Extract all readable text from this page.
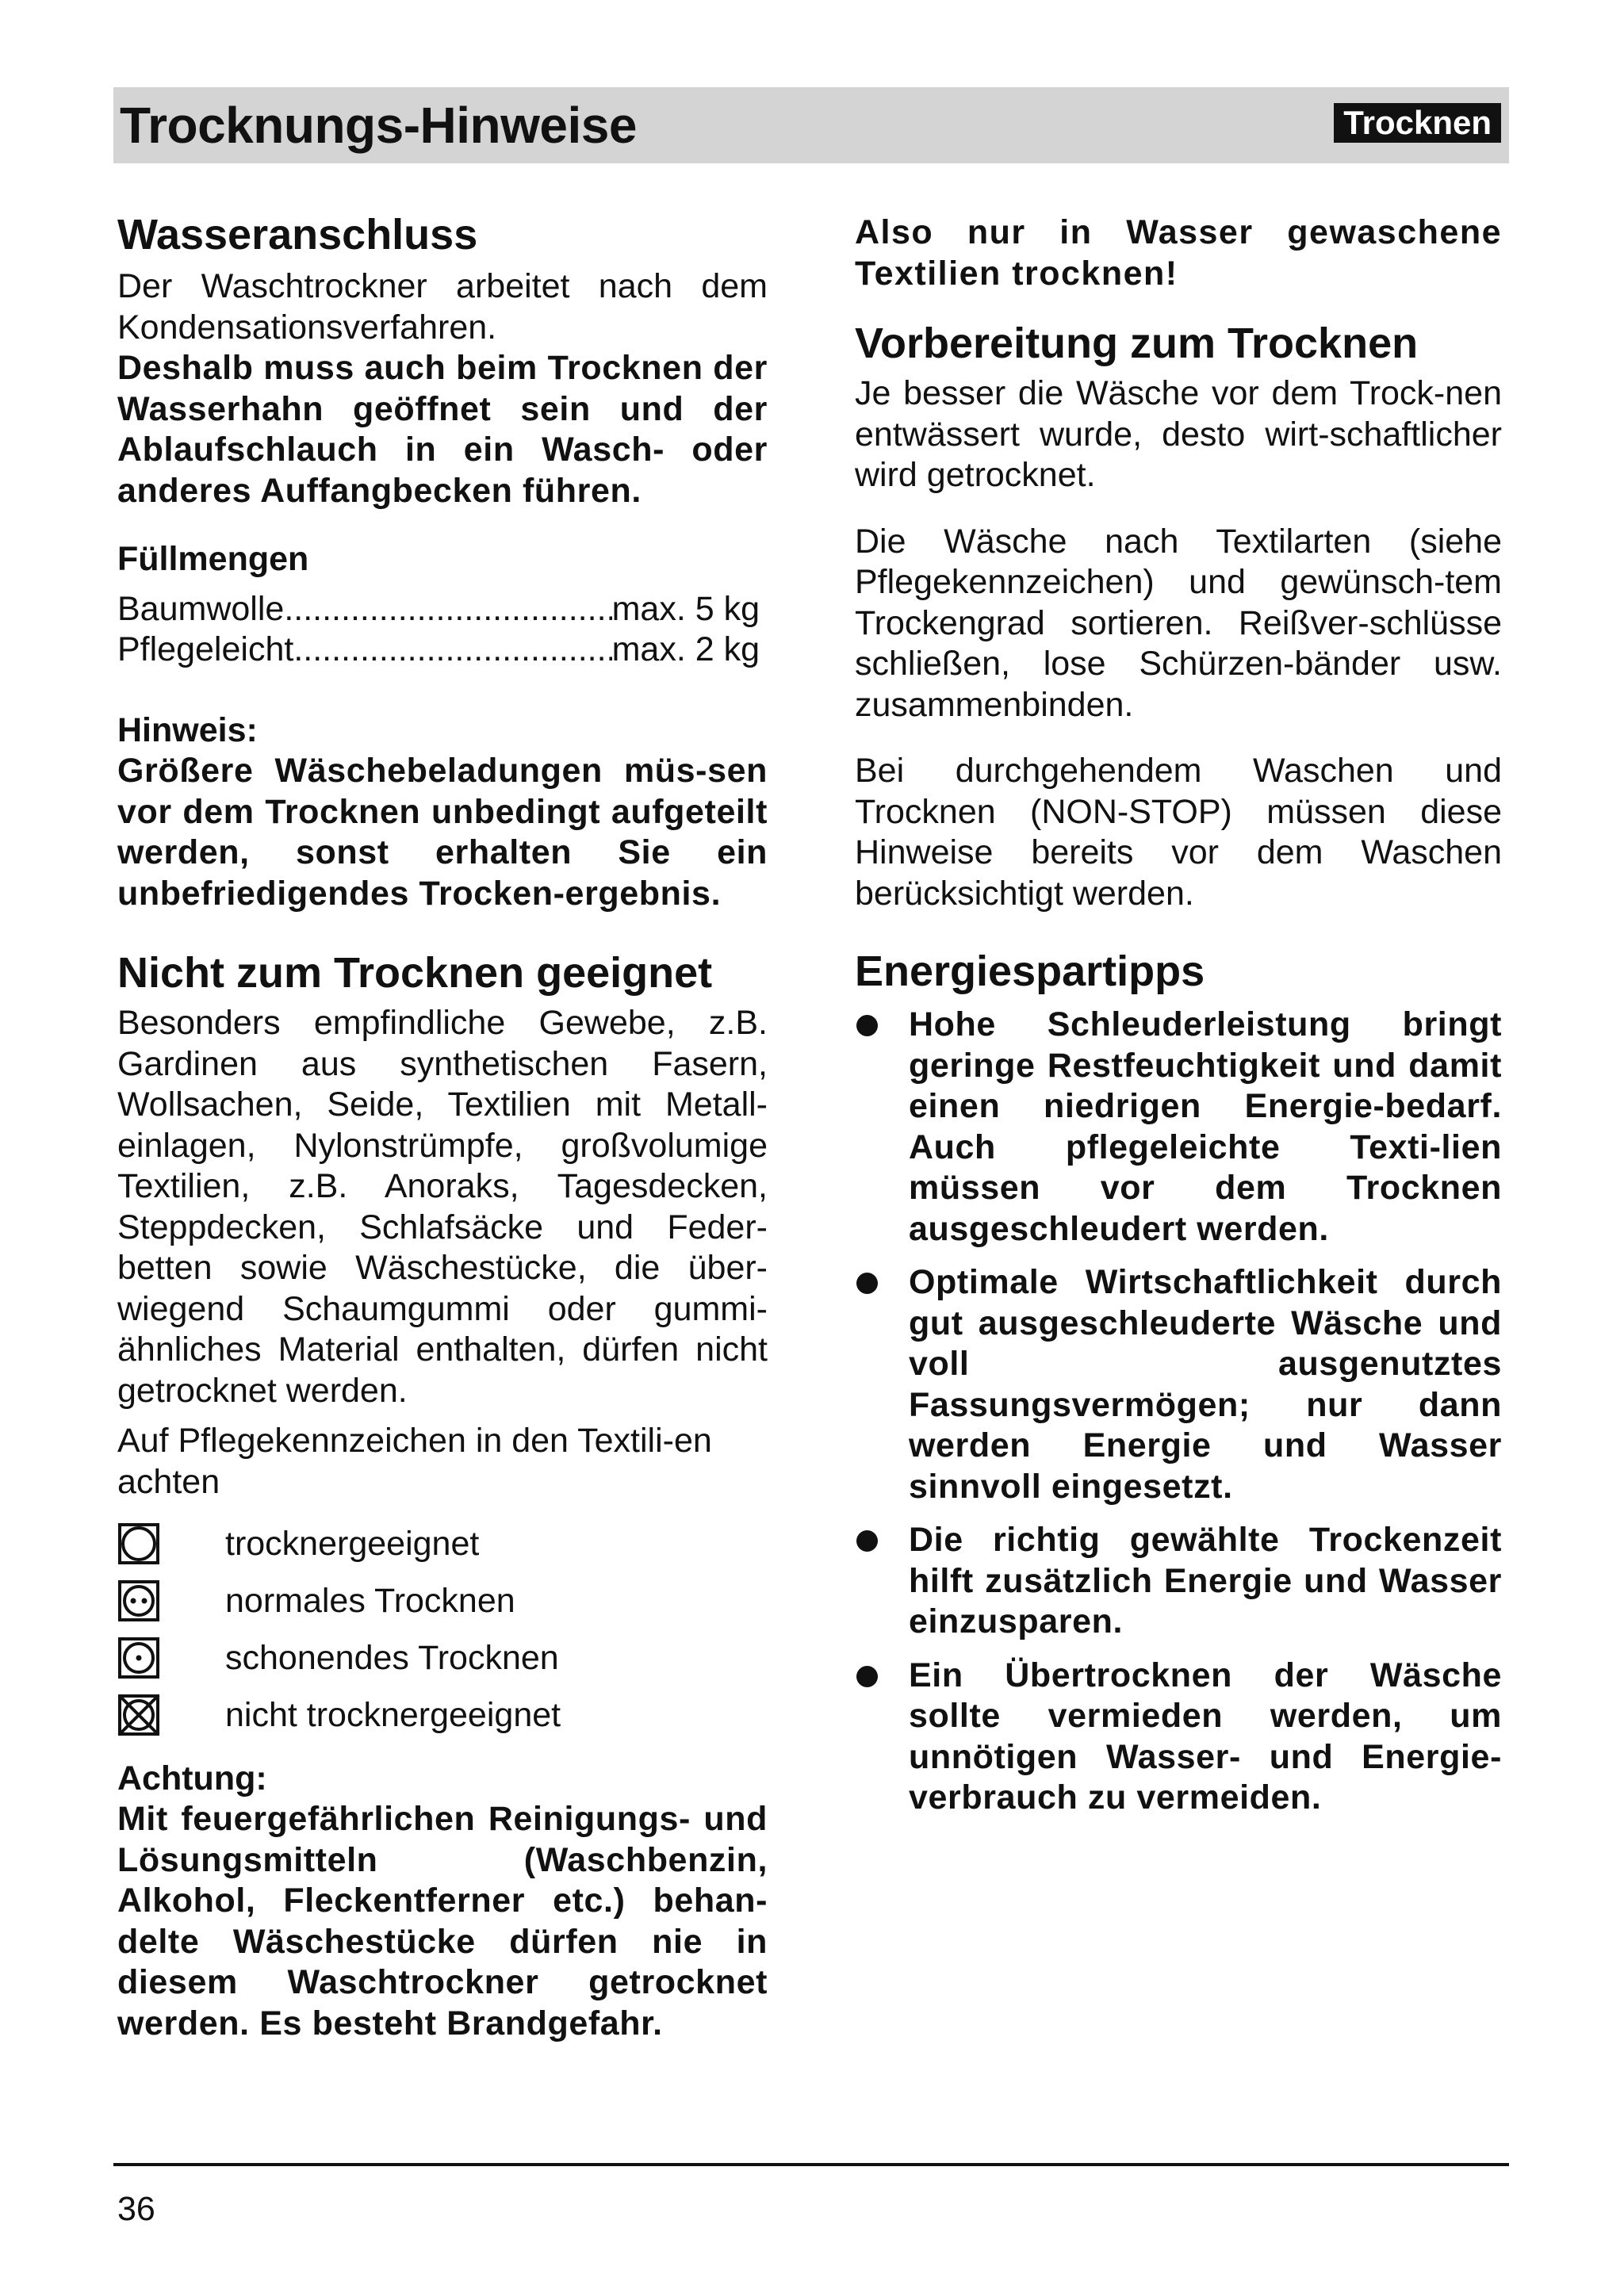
Trocknungs-Hinweise	Trocknen
Wasseranschluss

Der Waschtrockner arbeitet nach dem Kondensationsverfahren.

Deshalb muss auch beim Trocknen der Wasserhahn geöffnet sein und der Ablaufschlauch in ein Wasch- oder anderes Auffangbecken führen.

Füllmengen
Baumwolle .....	max. 5 kg
Pflegeleicht .....	max. 2 kg
Hinweis:

Größere Wäschebeladungen müs-sen vor dem Trocknen unbedingt aufgeteilt werden, sonst erhalten Sie ein unbefriedigendes Trocken-ergebnis.

Nicht zum Trocknen geeignet

Besonders empfindliche Gewebe, z.B. Gardinen aus synthetischen Fasern, Wollsachen, Seide, Textilien mit Metall-einlagen, Nylonstrümpfe, großvolumige Textilien, z.B. Anoraks, Tagesdecken, Steppdecken, Schlafsäcke und Feder-betten sowie Wäschestücke, die über-wiegend Schaumgummi oder gummi-ähnliches Material enthalten, dürfen nicht getrocknet werden.

Auf Pflegekennzeichen in den Textili-en achten

trocknergeeignet
normales Trocknen
schonendes Trocknen
nicht trocknergeeignet
Achtung:

Mit feuergefährlichen Reinigungs- und Lösungsmitteln (Waschbenzin, Alkohol, Fleckentferner etc.) behan-delte Wäschestücke dürfen nie in diesem Waschtrockner getrocknet werden. Es besteht Brandgefahr.

Also nur in Wasser gewaschene Textilien trocknen!

Vorbereitung zum Trocknen

Je besser die Wäsche vor dem Trock-nen entwässert wurde, desto wirt-schaftlicher wird getrocknet.

Die Wäsche nach Textilarten (siehe Pflegekennzeichen) und gewünsch-tem Trockengrad sortieren. Reißver-schlüsse schließen, lose Schürzen-bänder usw. zusammenbinden.

Bei durchgehendem Waschen und Trocknen (NON-STOP) müssen diese Hinweise bereits vor dem Waschen berücksichtigt werden.

Energiespartipps
Hohe Schleuderleistung bringt geringe Restfeuchtigkeit und damit einen niedrigen Energie-bedarf. Auch pflegeleichte Texti-lien müssen vor dem Trocknen ausgeschleudert werden.
Optimale Wirtschaftlichkeit durch gut ausgeschleuderte Wäsche und voll ausgenutztes Fassungsvermögen; nur dann werden Energie und Wasser sinnvoll eingesetzt.
Die richtig gewählte Trockenzeit hilft zusätzlich Energie und Wasser einzusparen.
Ein Übertrocknen der Wäsche sollte vermieden werden, um unnötigen Wasser- und Energie-verbrauch zu vermeiden.
36
